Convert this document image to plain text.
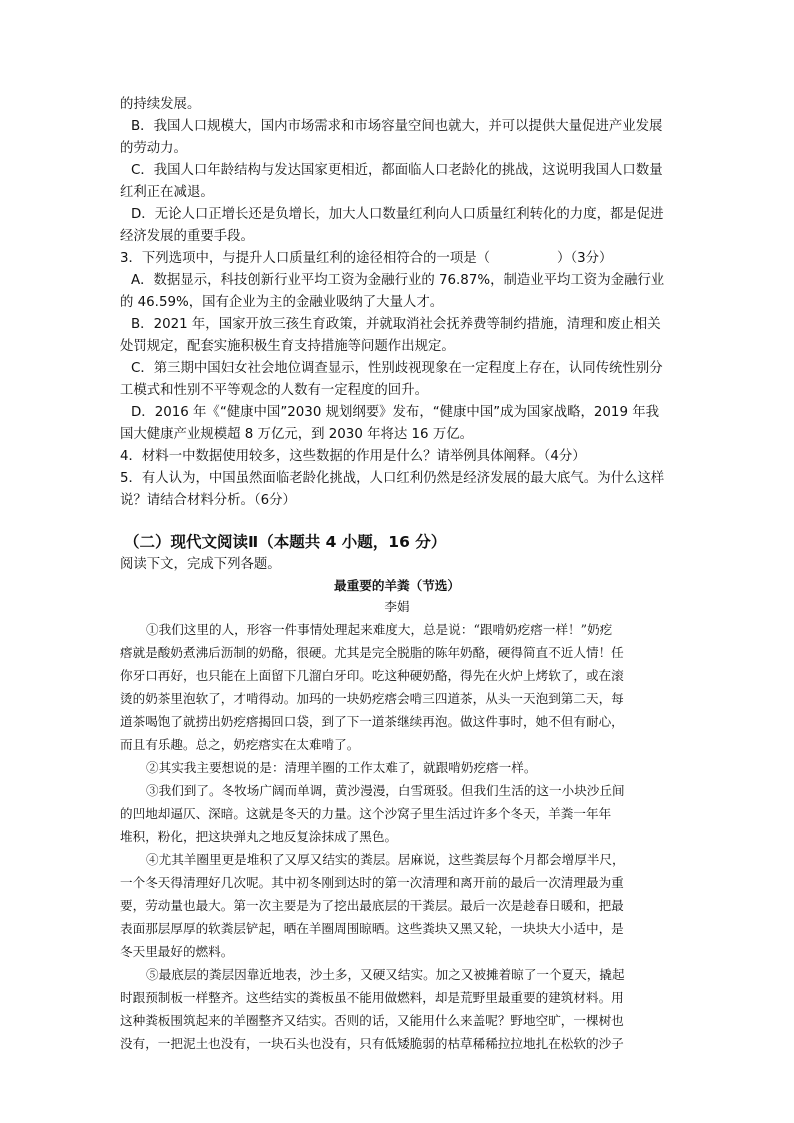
的持续发展。
B．我国人口规模大，国内市场需求和市场容量空间也就大，并可以提供大量促进产业发展
的劳动力。
C．我国人口年龄结构与发达国家更相近，都面临人口老龄化的挑战，这说明我国人口数量
红利正在减退。
D．无论人口正增长还是负增长，加大人口数量红利向人口质量红利转化的力度，都是促进
经济发展的重要手段。
3．下列选项中，与提升人口质量红利的途径相符合的一项是（　　　　　）（3分）
A．数据显示，科技创新行业平均工资为金融行业的 76.87%，制造业平均工资为金融行业
的 46.59%，国有企业为主的金融业吸纳了大量人才。
B．2021 年，国家开放三孩生育政策，并就取消社会抚养费等制约措施，清理和废止相关
处罚规定，配套实施积极生育支持措施等问题作出规定。
C．第三期中国妇女社会地位调查显示，性别歧视现象在一定程度上存在，认同传统性别分
工模式和性别不平等观念的人数有一定程度的回升。
D．2016 年《“健康中国”2030 规划纲要》发布，“健康中国”成为国家战略，2019 年我
国大健康产业规模超 8 万亿元，到 2030 年将达 16 万亿。
4．材料一中数据使用较多，这些数据的作用是什么？请举例具体阐释。（4分）
5．有人认为，中国虽然面临老龄化挑战，人口红利仍然是经济发展的最大底气。为什么这样
说？请结合材料分析。（6分）
（二）现代文阅读Ⅱ（本题共 4 小题，16 分）
阅读下文，完成下列各题。
最重要的羊粪（节选）
李娟
①我们这里的人，形容一件事情处理起来难度大，总是说：“跟啃奶疙瘩一样！”奶疙
瘩就是酸奶煮沸后沥制的奶酪，很硬。尤其是完全脱脂的陈年奶酪，硬得简直不近人情！任
你牙口再好，也只能在上面留下几溜白牙印。吃这种硬奶酪，得先在火炉上烤软了，或在滚
烫的奶茶里泡软了，才啃得动。加玛的一块奶疙瘩会啃三四道茶，从头一天泡到第二天，每
道茶喝饱了就捞出奶疙瘩揭回口袋，到了下一道茶继续再泡。做这件事时，她不但有耐心，
而且有乐趣。总之，奶疙瘩实在太难啃了。
②其实我主要想说的是：清理羊圈的工作太难了，就跟啃奶疙瘩一样。
③我们到了。冬牧场广阔而单调，黄沙漫漫，白雪斑驳。但我们生活的这一小块沙丘间
的凹地却逼仄、深暗。这就是冬天的力量。这个沙窝子里生活过许多个冬天，羊粪一年年
堆积，粉化，把这块弹丸之地反复涂抹成了黑色。
④尤其羊圈里更是堆积了又厚又结实的粪层。居麻说，这些粪层每个月都会增厚半尺，
一个冬天得清理好几次呢。其中初冬刚到达时的第一次清理和离开前的最后一次清理最为重
要，劳动量也最大。第一次主要是为了挖出最底层的干粪层。最后一次是趁春日暖和，把最
表面那层厚厚的软粪层铲起，晒在羊圈周围晾晒。这些粪块又黑又轮，一块块大小适中，是
冬天里最好的燃料。
⑤最底层的粪层因靠近地表，沙土多，又硬又结实。加之又被摊着晾了一个夏天，撬起
时跟预制板一样整齐。这些结实的粪板虽不能用做燃料，却是荒野里最重要的建筑材料。用
这种粪板围筑起来的羊圈整齐又结实。否则的话，又能用什么来盖呢？野地空旷，一棵树也
没有，一把泥土也没有，一块石头也没有，只有低矮脆弱的枯草稀稀拉拉地扎在松软的沙子
